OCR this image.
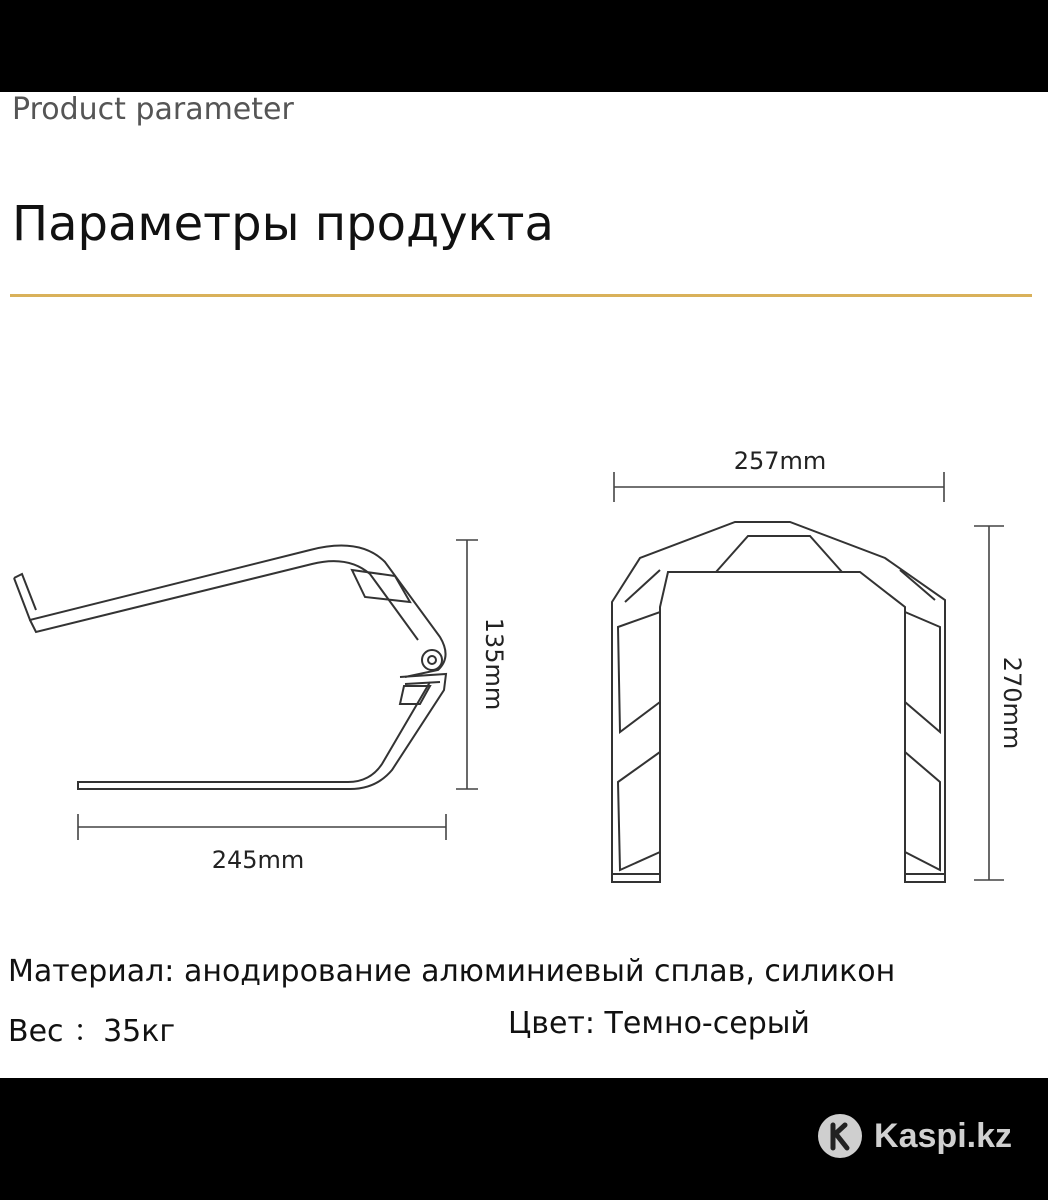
Product parameter
Параметры продукта
245mm
135mm
257mm
270mm
Материал: анодирование алюминиевый сплав, силикон
Вес ：35кг	Цвет: Темно-серый
Kaspi.kz
